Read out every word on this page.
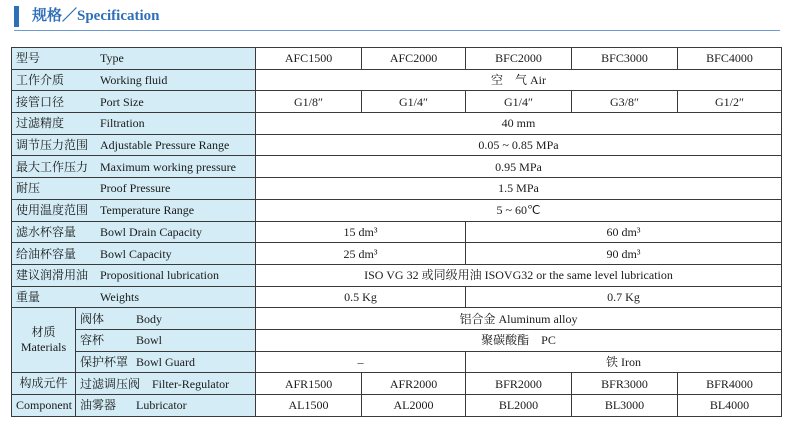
规格／Specification
型号 Type		AFC1500	AFC2000	BFC2000	BFC3000	BFC4000
工作介质 Working fluid		空　气 Air				
接管口径 Port Size		G1/8″	G1/4″	G1/4″	G3/8″	G1/2″
过滤精度 Filtration		40 mm				
调节压力范围 Adjustable Pressure Range		0.05 ~ 0.85 MPa				
最大工作压力 Maximum working pressure		0.95 MPa				
耐压 Proof Pressure		1.5 MPa				
使用温度范围 Temperature Range		5 ~ 60℃				
滤水杯容量 Bowl Drain Capacity		15 dm³		60 dm³		
给油杯容量 Bowl Capacity		25 dm³		90 dm³		
建议润滑用油 Propositional lubrication		ISO VG 32 或同级用油 ISOVG32 or the same level lubrication				
重量 Weights		0.5 Kg		0.7 Kg		
材质
Materials	阀体 Body	铝合金 Aluminum alloy				
	容杯 Bowl	聚碳酸酯　PC				
	保护杯罩 Bowl Guard	–		铁 Iron		
构成元件	过滤调压阀 Filter-Regulator	AFR1500	AFR2000	BFR2000	BFR3000	BFR4000
Component	油雾器 Lubricator	AL1500	AL2000	BL2000	BL3000	BL4000
